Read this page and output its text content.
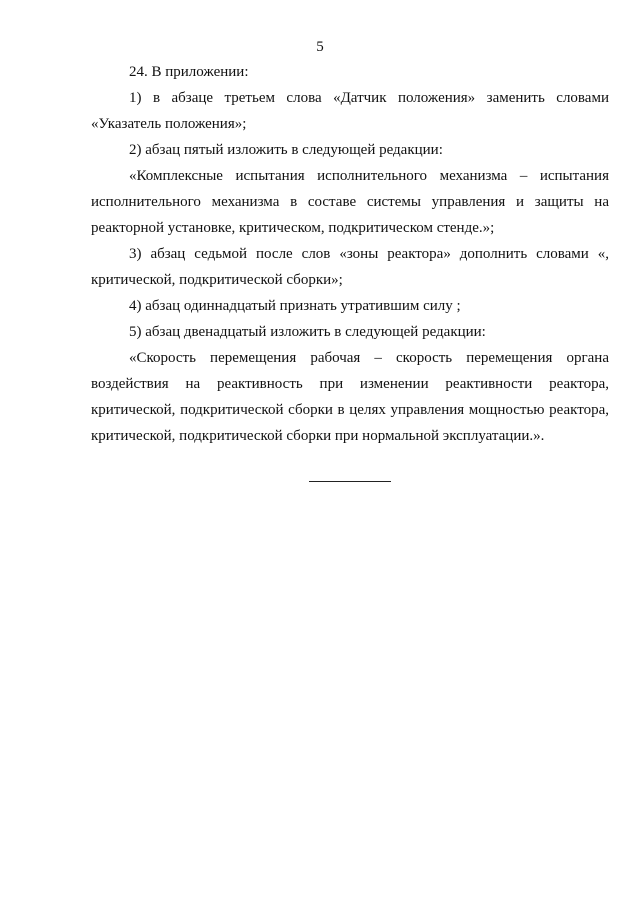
5

24. В приложении:

1) в абзаце третьем слова «Датчик положения» заменить словами «Указатель положения»;

2) абзац пятый изложить в следующей редакции:

«Комплексные испытания исполнительного механизма – испытания исполнительного механизма в составе системы управления и защиты на реакторной установке, критическом, подкритическом стенде.»;

3) абзац седьмой после слов «зоны реактора» дополнить словами «, критической, подкритической сборки»;

4) абзац одиннадцатый признать утратившим силу ;

5) абзац двенадцатый изложить в следующей редакции:

«Скорость перемещения рабочая – скорость перемещения органа воздействия на реактивность при изменении реактивности реактора, критической, подкритической сборки в целях управления мощностью реактора, критической, подкритической сборки при нормальной эксплуатации.».
